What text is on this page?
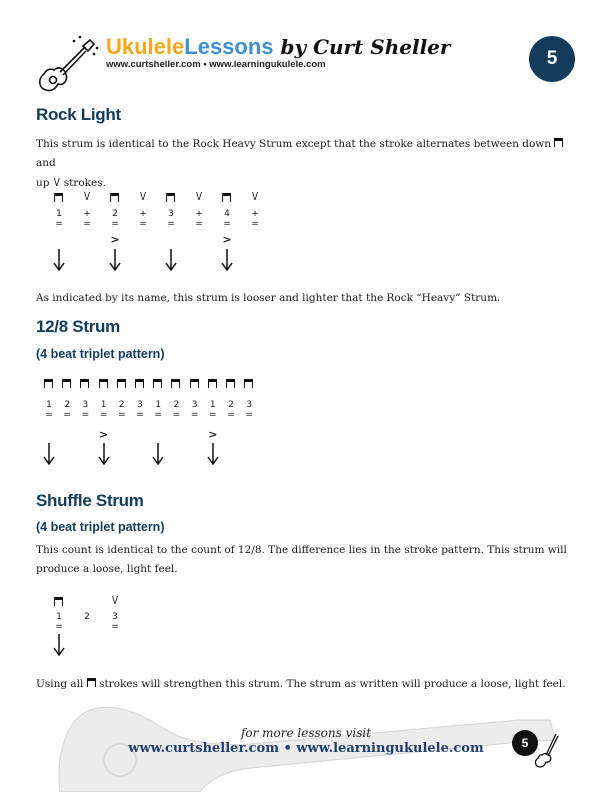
UkuleleLessons by Curt Sheller
www.curtsheller.com • www.learningukulele.com	5
Rock Light
This strum is identical to the Rock Heavy Strum except that the stroke alternates between down  and
up V strokes.
1
=
V
+
=
2
=
>
V
+
=
3
=
V
+
=
4
=
>
V
+
=
As indicated by its name, this strum is looser and lighter that the Rock “Heavy” Strum.
12/8 Strum
(4 beat triplet pattern)
1
=
2
=
3
=
1
=
>
2
=
3
=
1
=
2
=
3
=
1
=
>
2
=
3
=
Shuffle Strum
(4 beat triplet pattern)
This count is identical to the count of 12/8. The difference lies in the stroke pattern. This strum will produce a loose, light feel.
1
=
2
V
3
=
Using all strokes will strengthen this strum. The strum as written will produce a loose, light feel.
for more lessons visit
www.curtsheller.com • www.learningukulele.com	5
